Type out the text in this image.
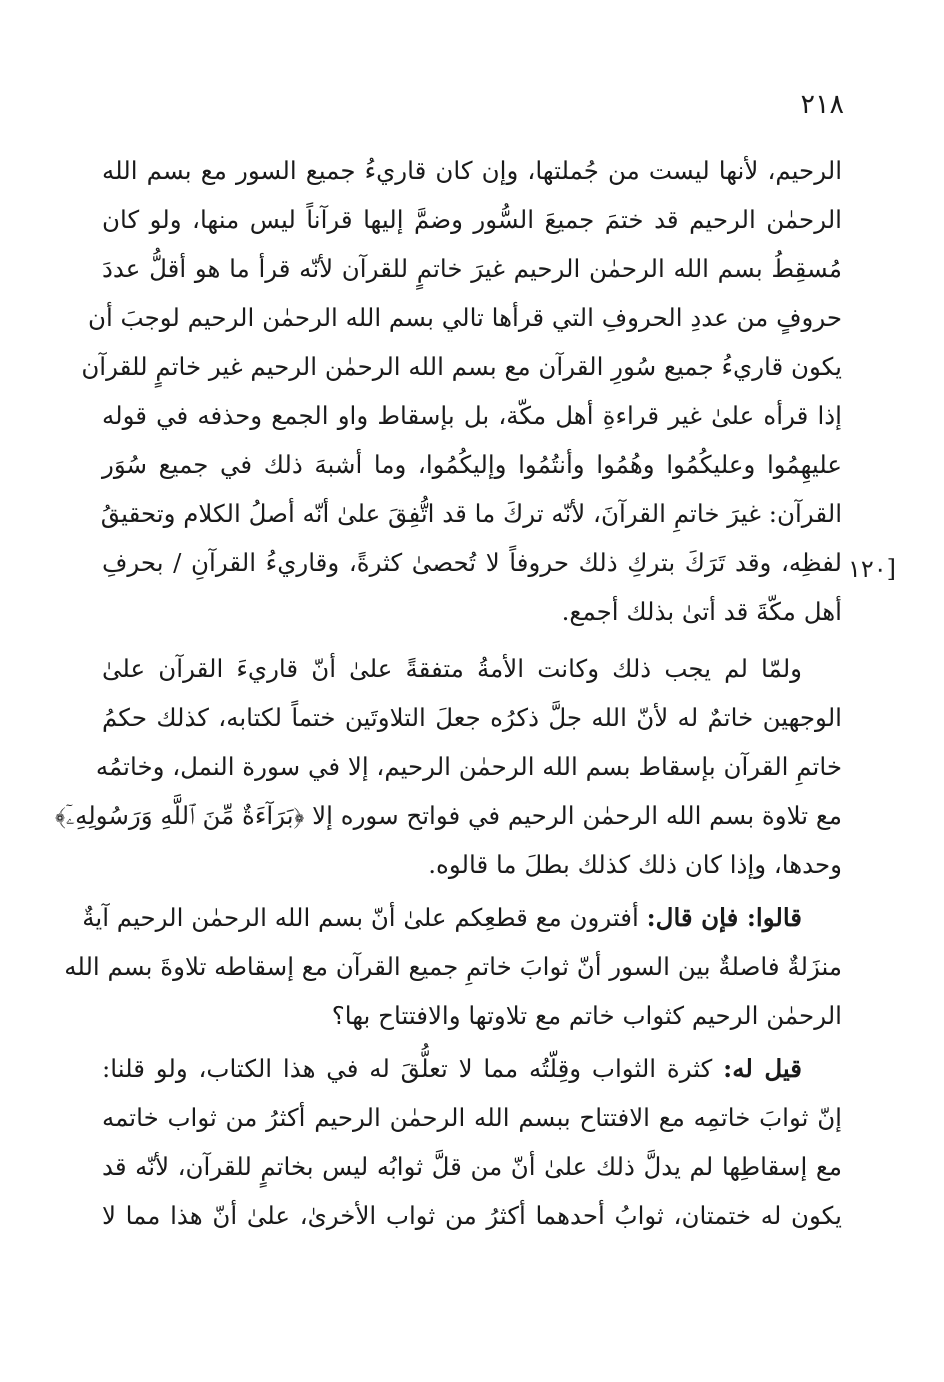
٢١٨
[١٢٠
الرحيم، لأنها ليست من جُملتها، وإن كان قاريءُ جميع السور مع بسم الله
الرحمٰن الرحيم قد ختمَ جميعَ السُّور وضمَّ إليها قرآناً ليس منها، ولو كان
مُسقِطُ بسم الله الرحمٰن الرحيم غيرَ خاتمٍ للقرآن لأنّه قرأ ما هو أقلُّ عددَ
حروفٍ من عددِ الحروفِ التي قرأها تالي بسم الله الرحمٰن الرحيم لوجبَ أن
يكون قاريءُ جميع سُورِ القرآن مع بسم الله الرحمٰن الرحيم غير خاتمٍ للقرآن
إذا قرأه علىٰ غير قراءةِ أهل مكّة، بل بإسقاط واو الجمع وحذفه في قوله
عليهِمُوا وعليكُمُوا وهُمُوا وأنتُمُوا وإليكُمُوا، وما أشبهَ ذلك في جميع سُوَر
القرآن: غيرَ خاتمِ القرآنَ، لأنّه تركَ ما قد اتُّفِقَ علىٰ أنّه أصلُ الكلام وتحقيقُ
لفظِه، وقد تَرَكَ بتركِ ذلك حروفاً لا تُحصىٰ كثرةً، وقاريءُ القرآنِ / بحرفِ
أهل مكّةَ قد أتىٰ بذلك أجمع.
ولمّا لم يجب ذلك وكانت الأمةُ متفقةً علىٰ أنّ قاريءَ القرآن علىٰ
الوجهين خاتمٌ له لأنّ الله جلَّ ذكرُه جعلَ التلاوتَين ختماً لكتابه، كذلك حكمُ
خاتمِ القرآن بإسقاط بسم الله الرحمٰن الرحيم، إلا في سورة النمل، وخاتمُه
مع تلاوة بسم الله الرحمٰن الرحيم في فواتح سوره إلا ﴿بَرَآءَةٌ مِّنَ ٱللَّهِ وَرَسُولِهِۦٓ﴾
وحدها، وإذا كان ذلك كذلك بطلَ ما قالوه.
قالوا: فإن قال: أفترون مع قطعِكم علىٰ أنّ بسم الله الرحمٰن الرحيم آيةٌ
منزَلةٌ فاصلةٌ بين السور أنّ ثوابَ خاتمِ جميع القرآن مع إسقاطه تلاوةَ بسم الله
الرحمٰن الرحيم كثواب خاتم مع تلاوتها والافتتاح بها؟
قيل له: كثرة الثواب وقِلّتُه مما لا تعلُّقَ له في هذا الكتاب، ولو قلنا:
إنّ ثوابَ خاتمِه مع الافتتاح ببسم الله الرحمٰن الرحيم أكثرُ من ثواب خاتمه
مع إسقاطِها لم يدلَّ ذلك علىٰ أنّ من قلَّ ثوابُه ليس بخاتمٍ للقرآن، لأنّه قد
يكون له ختمتان، ثوابُ أحدهما أكثرُ من ثواب الأخرىٰ، علىٰ أنّ هذا مما لا
